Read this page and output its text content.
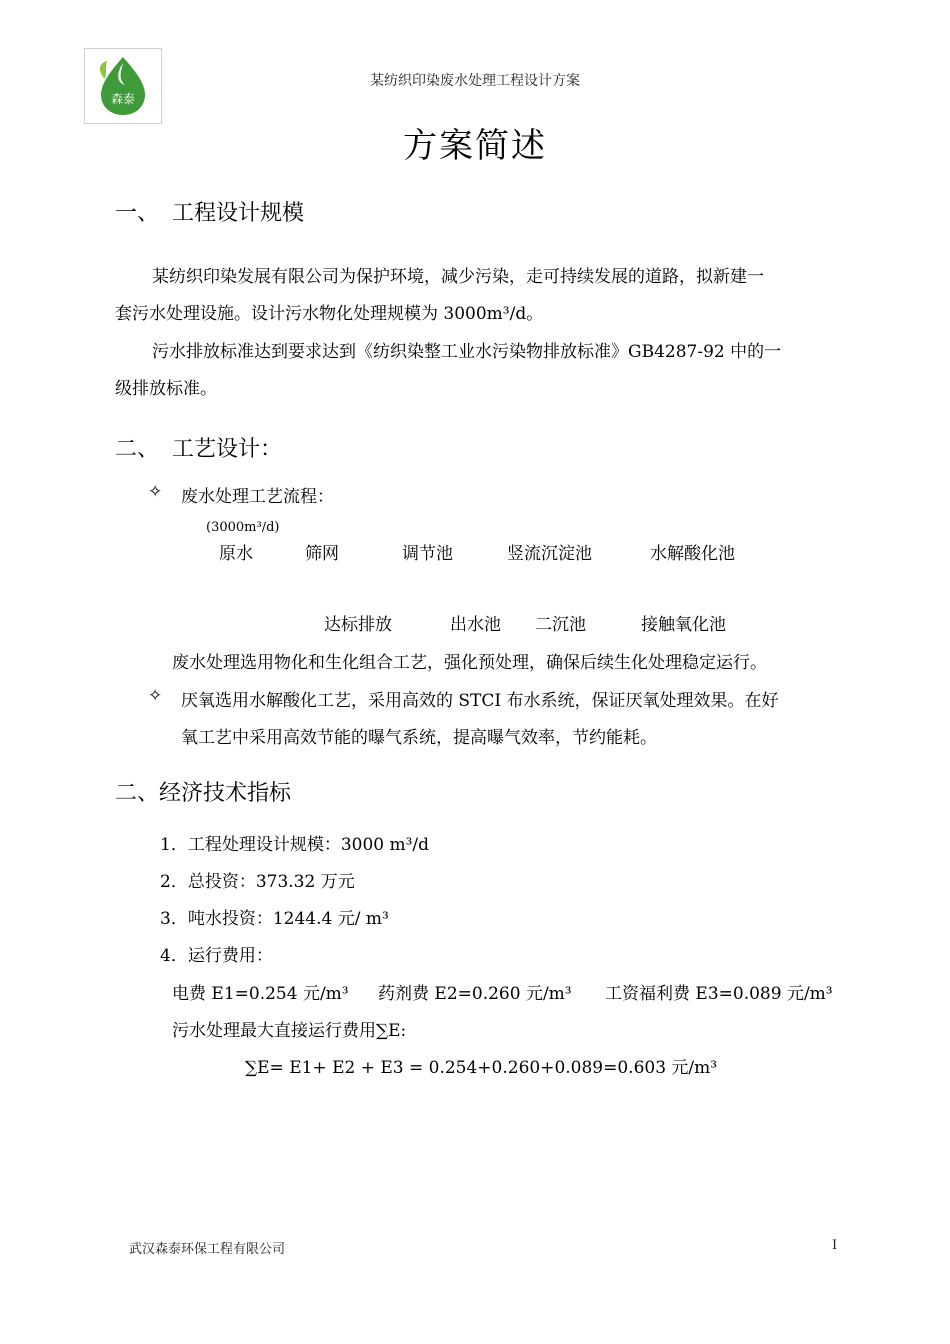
森泰
某纺织印染废水处理工程设计方案
方案简述
一、 工程设计规模
某纺织印染发展有限公司为保护环境，减少污染，走可持续发展的道路，拟新建一
套污水处理设施。设计污水物化处理规模为 3000m³/d。
污水排放标准达到要求达到《纺织染整工业水污染物排放标准》GB4287-92 中的一
级排放标准。
二、 工艺设计：
✧ 废水处理工艺流程：
(3000m³/d)
原水	筛网	调节池	竖流沉淀池	水解酸化池
达标排放	出水池 二沉池	接触氧化池
废水处理选用物化和生化组合工艺，强化预处理，确保后续生化处理稳定运行。
✧ 厌氧选用水解酸化工艺，采用高效的 STCI 布水系统，保证厌氧处理效果。在好
氧工艺中采用高效节能的曝气系统，提高曝气效率，节约能耗。
二、经济技术指标
1．工程处理设计规模：3000 m³/d
2．总投资：373.32 万元
3．吨水投资：1244.4 元/ m³
4．运行费用：
电费 E1=0.254 元/m³ 药剂费 E2=0.260 元/m³ 工资福利费 E3=0.089 元/m³
污水处理最大直接运行费用∑E:
∑E= E1+ E2 + E3 = 0.254+0.260+0.089=0.603 元/m³
武汉森泰环保工程有限公司	I
